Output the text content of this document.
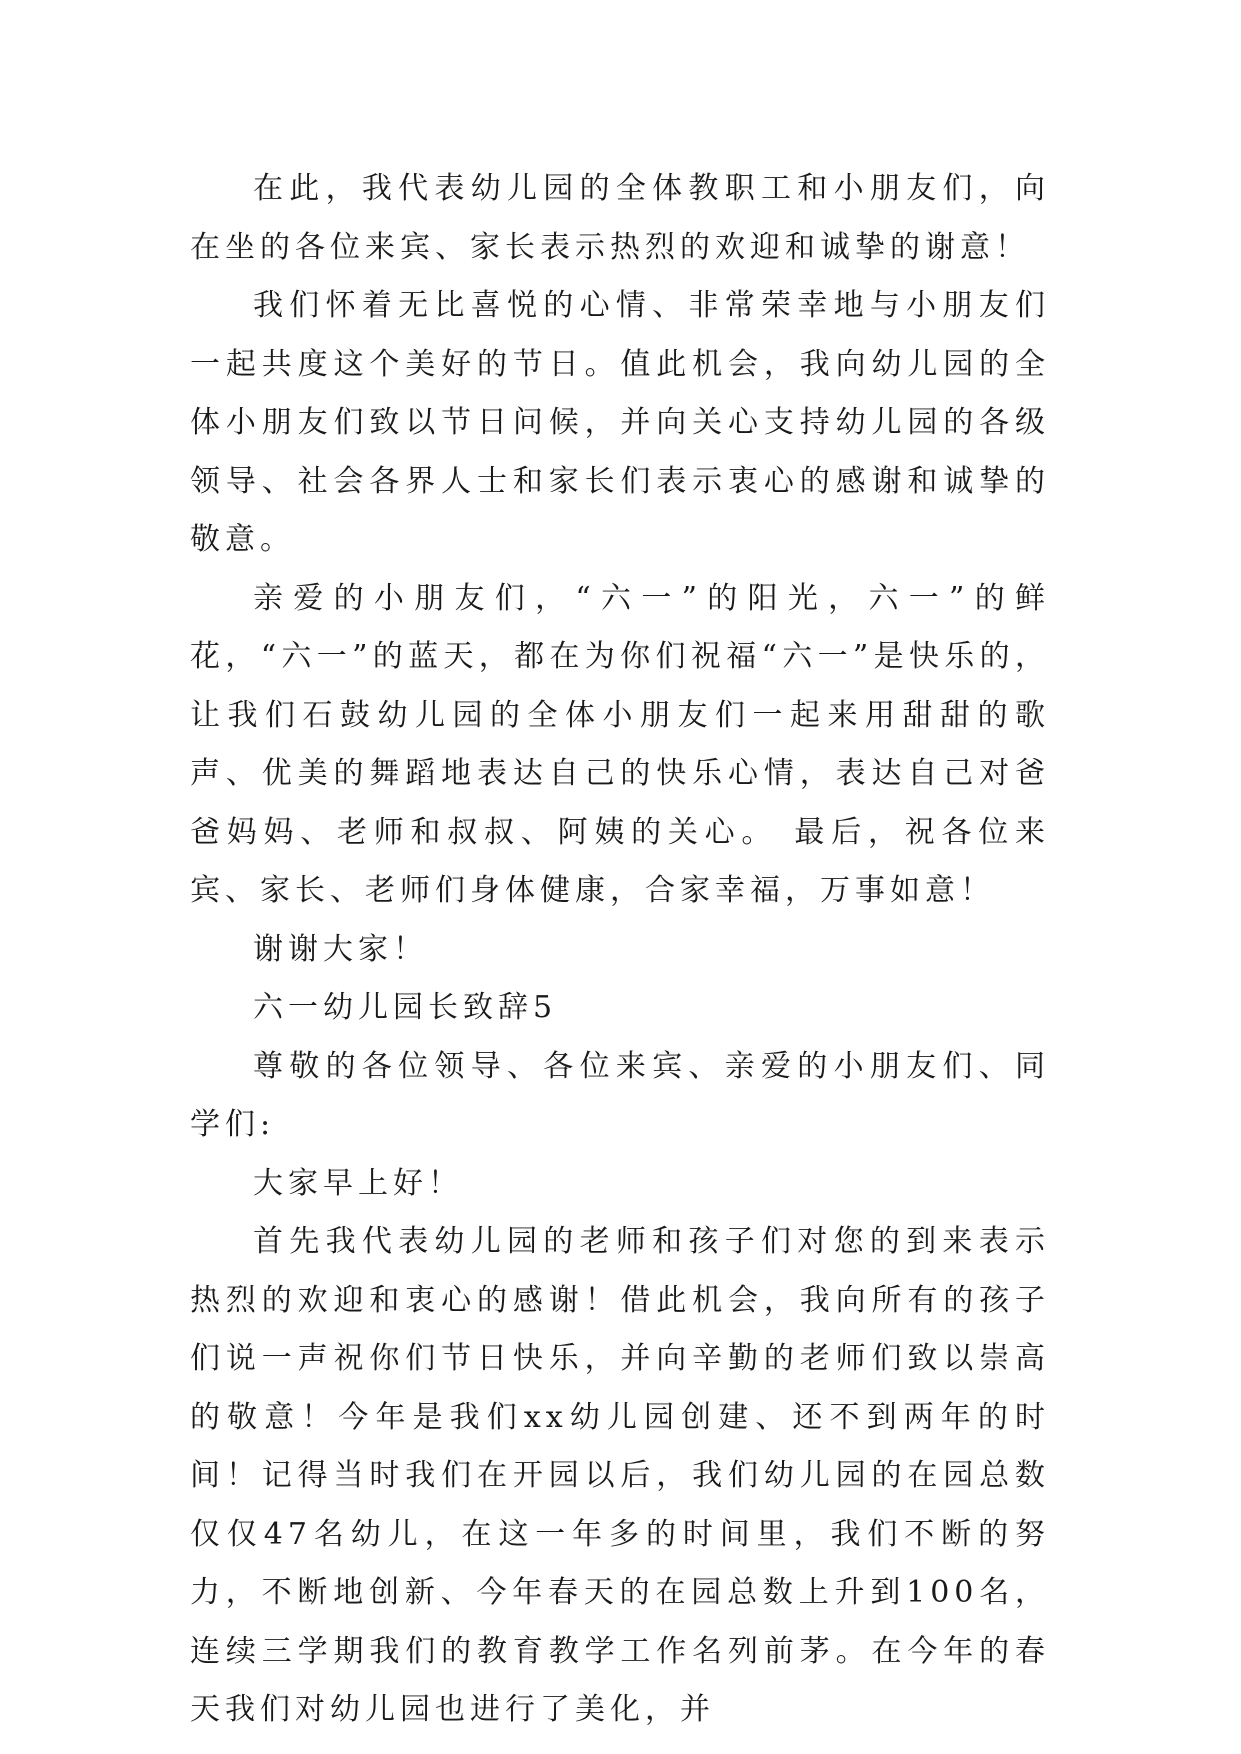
在此，我代表幼儿园的全体教职工和小朋友们，向在坐的各位来宾、家长表示热烈的欢迎和诚挚的谢意！

我们怀着无比喜悦的心情、非常荣幸地与小朋友们一起共度这个美好的节日。值此机会，我向幼儿园的全体小朋友们致以节日问候，并向关心支持幼儿园的各级领导、社会各界人士和家长们表示衷心的感谢和诚挚的敬意。

亲爱的小朋友们，“六一”的阳光，六一”的鲜花，“六一”的蓝天，都在为你们祝福“六一”是快乐的，让我们石鼓幼儿园的全体小朋友们一起来用甜甜的歌声、优美的舞蹈地表达自己的快乐心情，表达自己对爸爸妈妈、老师和叔叔、阿姨的关心。 最后，祝各位来宾、家长、老师们身体健康，合家幸福，万事如意！

谢谢大家！

六一幼儿园长致辞5

尊敬的各位领导、各位来宾、亲爱的小朋友们、同学们:

大家早上好！

首先我代表幼儿园的老师和孩子们对您的到来表示热烈的欢迎和衷心的感谢！借此机会，我向所有的孩子们说一声祝你们节日快乐，并向辛勤的老师们致以崇高的敬意！今年是我们xx幼儿园创建、还不到两年的时间！记得当时我们在开园以后，我们幼儿园的在园总数仅仅47名幼儿，在这一年多的时间里，我们不断的努力，不断地创新、今年春天的在园总数上升到100名，连续三学期我们的教育教学工作名列前茅。在今年的春天我们对幼儿园也进行了美化，并
